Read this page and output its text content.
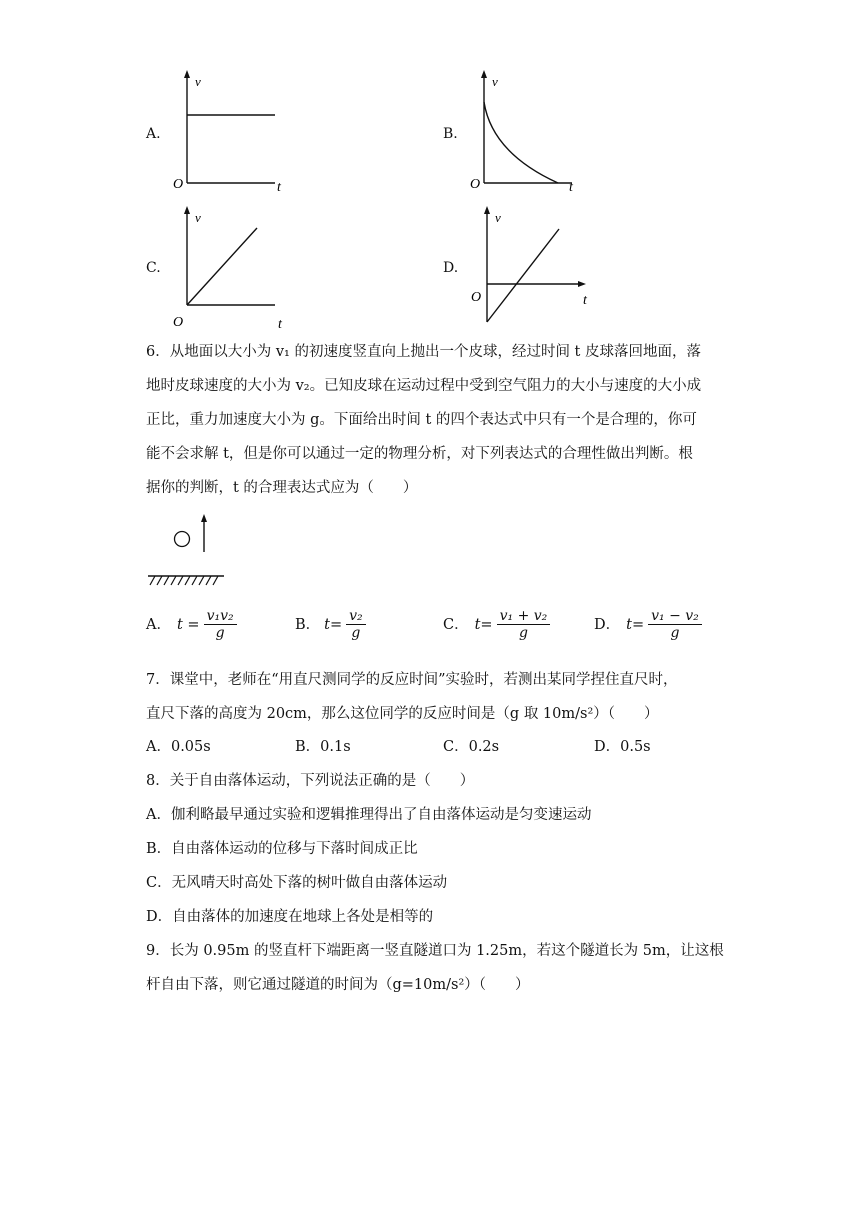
A.
v
O	t
B.
v
O	t
C.
v
O	t
D.
v
O	t
6．从地面以大小为 v₁ 的初速度竖直向上抛出一个皮球，经过时间 t 皮球落回地面，落
地时皮球速度的大小为 v₂。已知皮球在运动过程中受到空气阻力的大小与速度的大小成
正比，重力加速度大小为 g。下面给出时间 t 的四个表达式中只有一个是合理的，你可
能不会求解 t，但是你可以通过一定的物理分析，对下列表达式的合理性做出判断。根
据你的判断，t 的合理表达式应为（　　）
A． $t = \frac{\text{v₁v₂}}{g}$	B． $t= \frac{\text{v₂}}{g}$	C． $t= \frac{\text{v₁ + v₂}}{g}$	D． $t= \frac{\text{v₁ − v₂}}{g}$
7．课堂中，老师在“用直尺测同学的反应时间”实验时，若测出某同学捏住直尺时，
直尺下落的高度为 20cm，那么这位同学的反应时间是（g 取 10m/s²）（　　）
A．0.05s	B．0.1s	C．0.2s	D．0.5s
8．关于自由落体运动，下列说法正确的是（　　）
A．伽利略最早通过实验和逻辑推理得出了自由落体运动是匀变速运动
B．自由落体运动的位移与下落时间成正比
C．无风晴天时高处下落的树叶做自由落体运动
D．自由落体的加速度在地球上各处是相等的
9．长为 0.95m 的竖直杆下端距离一竖直隧道口为 1.25m，若这个隧道长为 5m，让这根
杆自由下落，则它通过隧道的时间为（g=10m/s²）（　　）
